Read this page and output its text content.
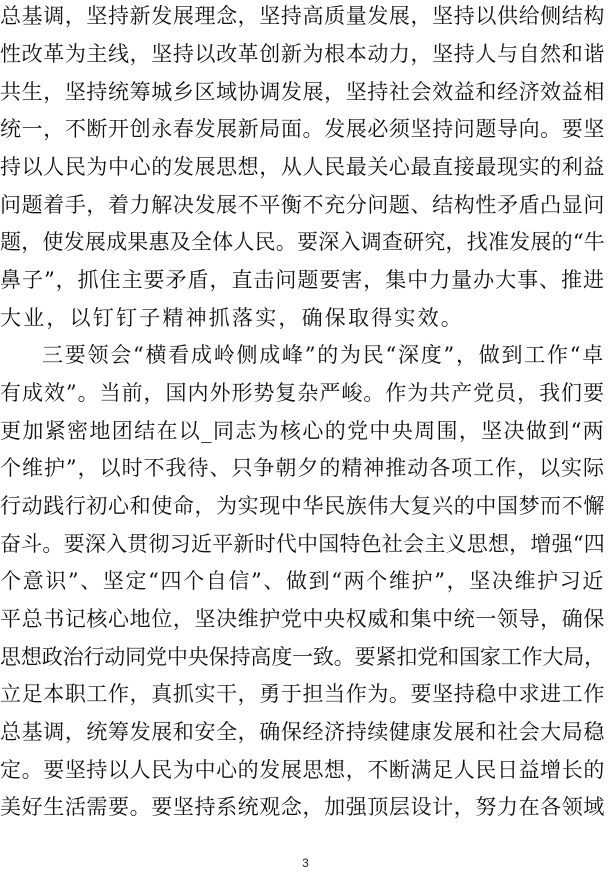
总基调，坚持新发展理念，坚持高质量发展，坚持以供给侧结构
性改革为主线，坚持以改革创新为根本动力，坚持人与自然和谐
共生，坚持统筹城乡区域协调发展，坚持社会效益和经济效益相
统一，不断开创永春发展新局面。发展必须坚持问题导向。要坚
持以人民为中心的发展思想，从人民最关心最直接最现实的利益
问题着手，着力解决发展不平衡不充分问题、结构性矛盾凸显问
题，使发展成果惠及全体人民。要深入调查研究，找准发展的“牛
鼻子”，抓住主要矛盾，直击问题要害，集中力量办大事、推进
大业，以钉钉子精神抓落实，确保取得实效。
三要领会“横看成岭侧成峰”的为民“深度”，做到工作“卓
有成效”。当前，国内外形势复杂严峻。作为共产党员，我们要
更加紧密地团结在以_同志为核心的党中央周围，坚决做到“两
个维护”，以时不我待、只争朝夕的精神推动各项工作，以实际
行动践行初心和使命，为实现中华民族伟大复兴的中国梦而不懈
奋斗。要深入贯彻习近平新时代中国特色社会主义思想，增强“四
个意识”、坚定“四个自信”、做到“两个维护”，坚决维护习近
平总书记核心地位，坚决维护党中央权威和集中统一领导，确保
思想政治行动同党中央保持高度一致。要紧扣党和国家工作大局，
立足本职工作，真抓实干，勇于担当作为。要坚持稳中求进工作
总基调，统筹发展和安全，确保经济持续健康发展和社会大局稳
定。要坚持以人民为中心的发展思想，不断满足人民日益增长的
美好生活需要。要坚持系统观念，加强顶层设计，努力在各领域
3
